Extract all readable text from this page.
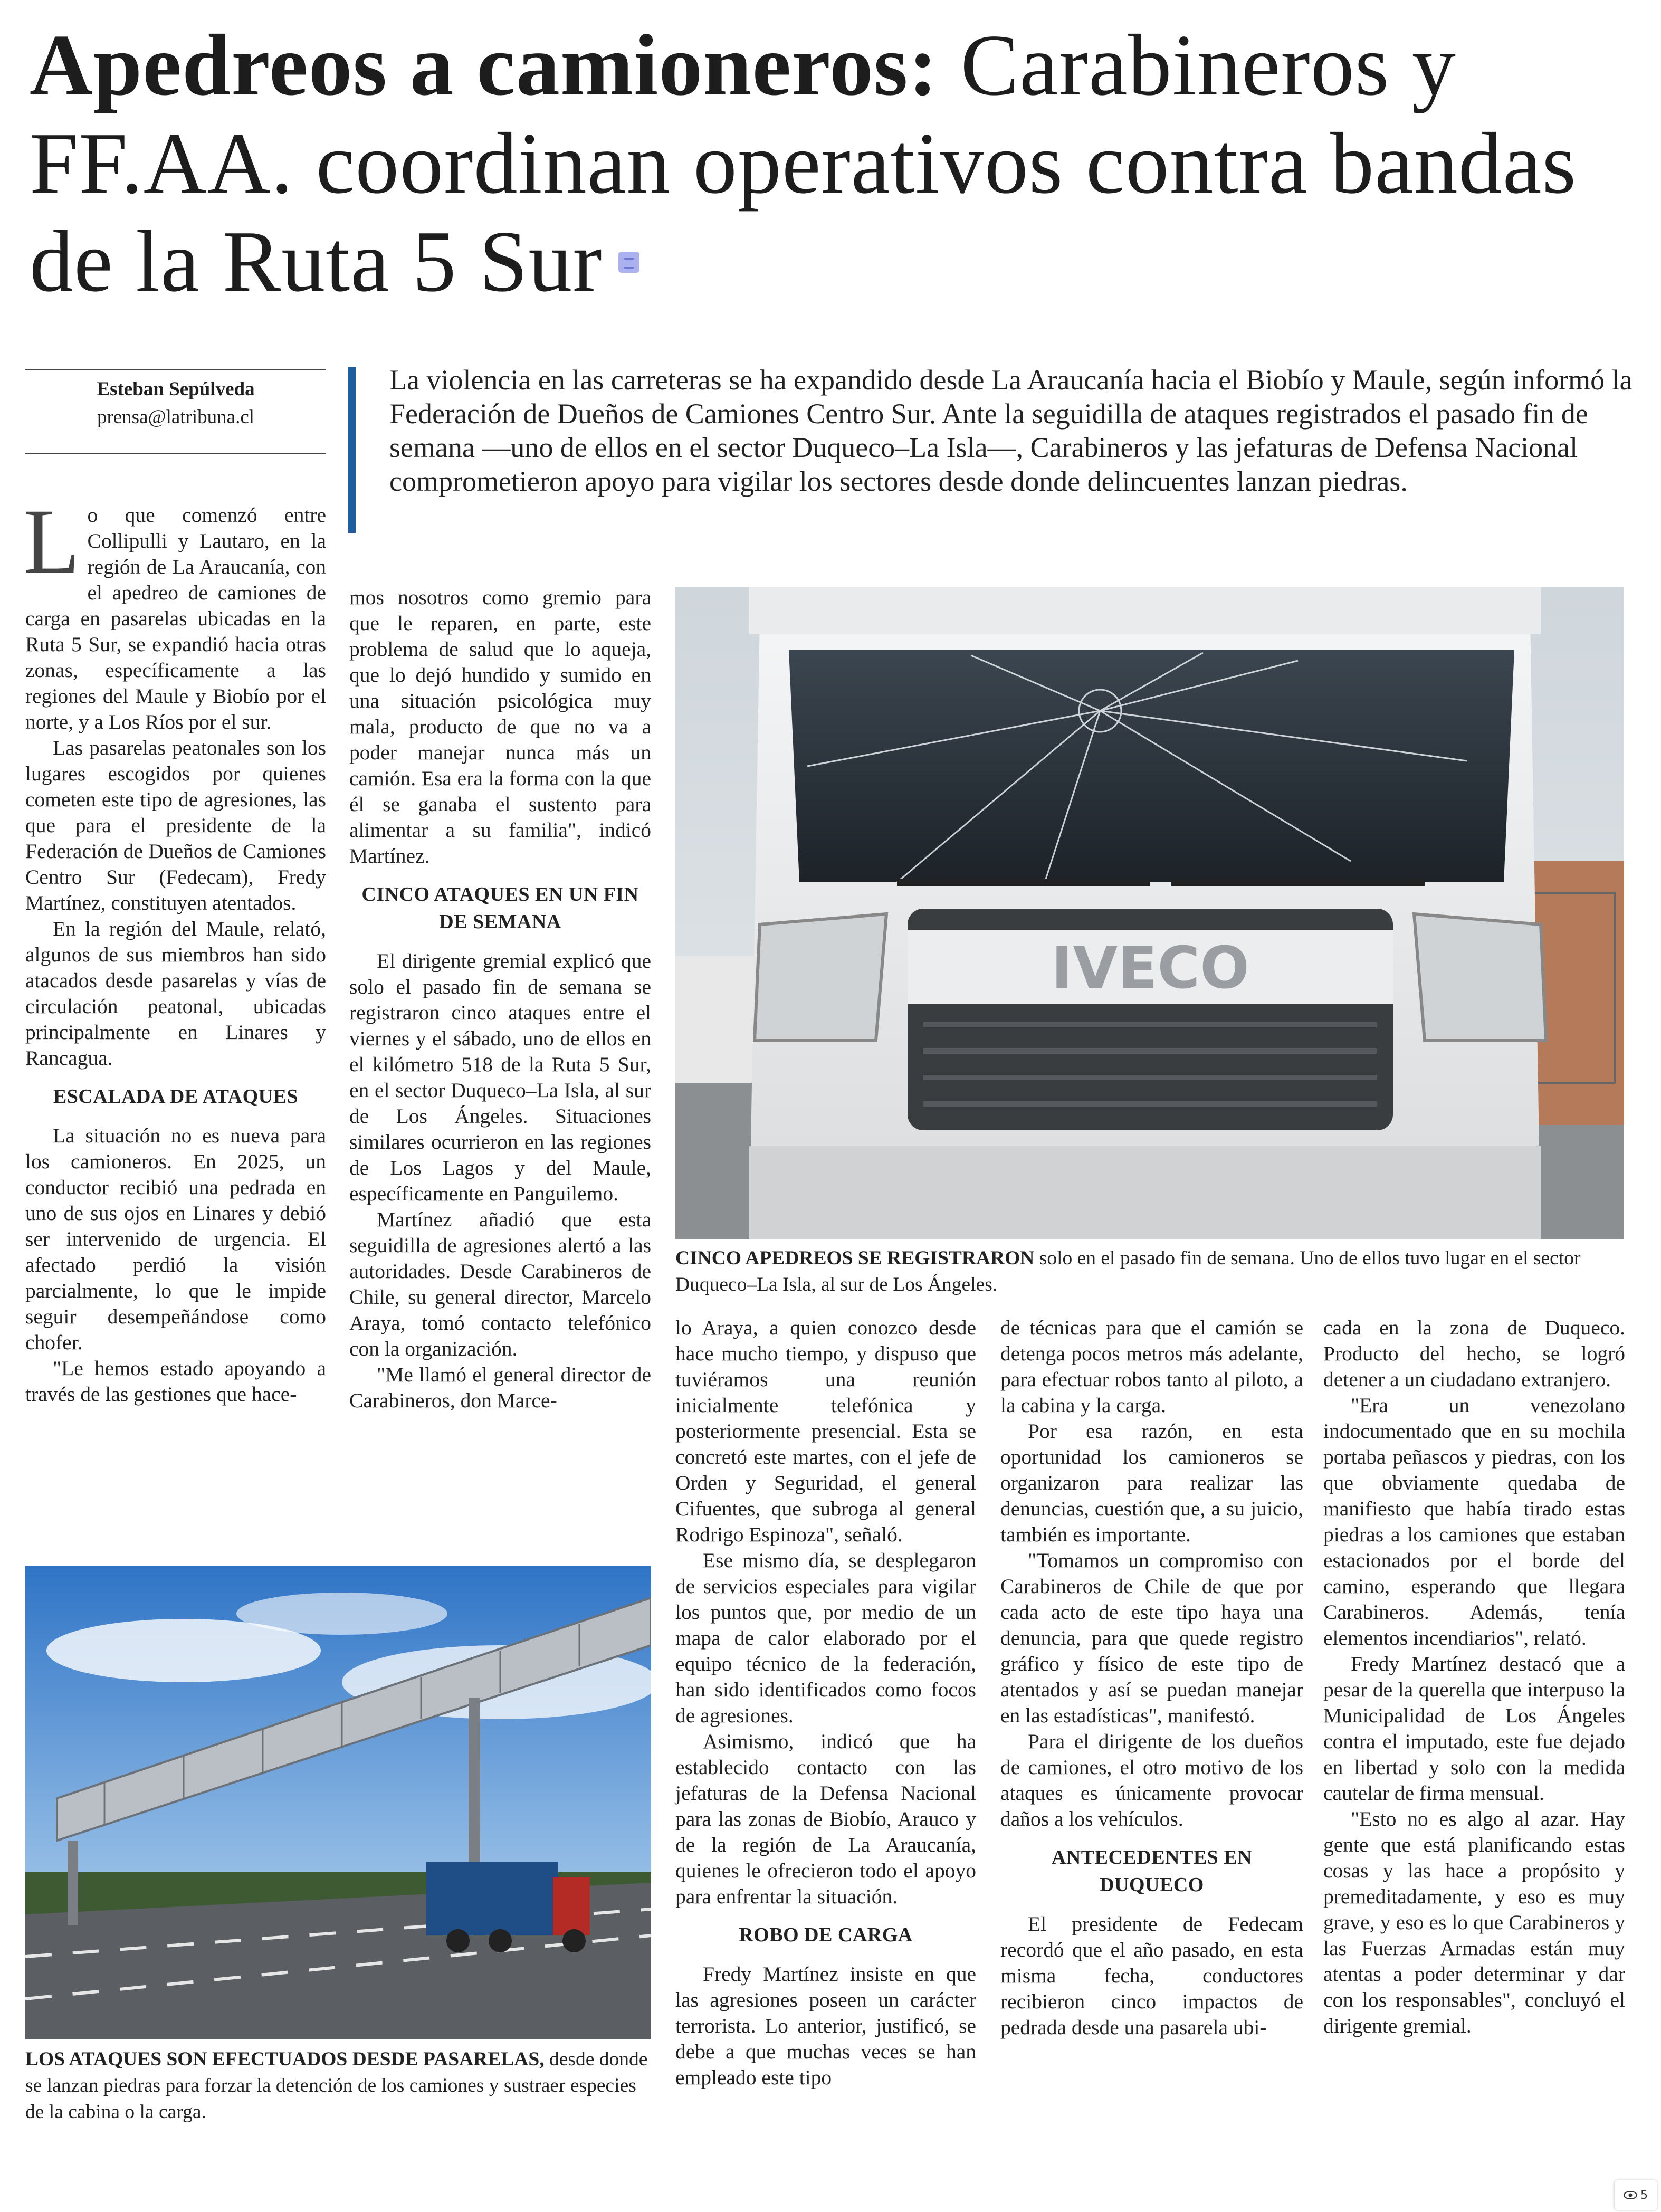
Apedreos a camioneros: Carabineros y FF.AA. coordinan operativos contra bandas de la Ruta 5 Sur
Esteban Sepúlveda
prensa@latribuna.cl
La violencia en las carreteras se ha expandido desde La Araucanía hacia el Biobío y Maule, según informó la Federación de Dueños de Camiones Centro Sur. Ante la seguidilla de ataques registrados el pasado fin de semana —uno de ellos en el sector Duqueco–La Isla—, Carabineros y las jefaturas de Defensa Nacional comprometieron apoyo para vigilar los sectores desde donde delincuentes lanzan piedras.

Lo que comenzó entre Collipulli y Lautaro, en la región de La Araucanía, con el apedreo de camiones de carga en pasarelas ubicadas en la Ruta 5 Sur, se expandió hacia otras zonas, específicamente a las regiones del Maule y Biobío por el norte, y a Los Ríos por el sur.

Las pasarelas peatonales son los lugares escogidos por quienes cometen este tipo de agresiones, las que para el presidente de la Federación de Dueños de Camiones Centro Sur (Fedecam), Fredy Martínez, constituyen atentados.

En la región del Maule, relató, algunos de sus miembros han sido atacados desde pasarelas y vías de circulación peatonal, ubicadas principalmente en Linares y Rancagua.

ESCALADA DE ATAQUES

La situación no es nueva para los camioneros. En 2025, un conductor recibió una pedrada en uno de sus ojos en Linares y debió ser intervenido de urgencia. El afectado perdió la visión parcialmente, lo que le impide seguir desempeñándose como chofer.

"Le hemos estado apoyando a través de las gestiones que hace-

mos nosotros como gremio para que le reparen, en parte, este problema de salud que lo aqueja, que lo dejó hundido y sumido en una situación psicológica muy mala, producto de que no va a poder manejar nunca más un camión. Esa era la forma con la que él se ganaba el sustento para alimentar a su familia", indicó Martínez.

CINCO ATAQUES EN UN FIN DE SEMANA

El dirigente gremial explicó que solo el pasado fin de semana se registraron cinco ataques entre el viernes y el sábado, uno de ellos en el kilómetro 518 de la Ruta 5 Sur, en el sector Duqueco–La Isla, al sur de Los Ángeles. Situaciones similares ocurrieron en las regiones de Los Lagos y del Maule, específicamente en Panguilemo.

Martínez añadió que esta seguidilla de agresiones alertó a las autoridades. Desde Carabineros de Chile, su general director, Marcelo Araya, tomó contacto telefónico con la organización.

"Me llamó el general director de Carabineros, don Marce-

IVECO
CINCO APEDREOS SE REGISTRARON solo en el pasado fin de semana. Uno de ellos tuvo lugar en el sector Duqueco–La Isla, al sur de Los Ángeles.

lo Araya, a quien conozco desde hace mucho tiempo, y dispuso que tuviéramos una reunión inicialmente telefónica y posteriormente presencial. Esta se concretó este martes, con el jefe de Orden y Seguridad, el general Cifuentes, que subroga al general Rodrigo Espinoza", señaló.

Ese mismo día, se desplegaron de servicios especiales para vigilar los puntos que, por medio de un mapa de calor elaborado por el equipo técnico de la federación, han sido identificados como focos de agresiones.

Asimismo, indicó que ha establecido contacto con las jefaturas de la Defensa Nacional para las zonas de Biobío, Arauco y de la región de La Araucanía, quienes le ofrecieron todo el apoyo para enfrentar la situación.

ROBO DE CARGA

Fredy Martínez insiste en que las agresiones poseen un carácter terrorista. Lo anterior, justificó, se debe a que muchas veces se han empleado este tipo

de técnicas para que el camión se detenga pocos metros más adelante, para efectuar robos tanto al piloto, a la cabina y la carga.

Por esa razón, en esta oportunidad los camioneros se organizaron para realizar las denuncias, cuestión que, a su juicio, también es importante.

"Tomamos un compromiso con Carabineros de Chile de que por cada acto de este tipo haya una denuncia, para que quede registro gráfico y físico de este tipo de atentados y así se puedan manejar en las estadísticas", manifestó.

Para el dirigente de los dueños de camiones, el otro motivo de los ataques es únicamente provocar daños a los vehículos.

ANTECEDENTES EN DUQUECO

El presidente de Fedecam recordó que el año pasado, en esta misma fecha, conductores recibieron cinco impactos de pedrada desde una pasarela ubi-

cada en la zona de Duqueco. Producto del hecho, se logró detener a un ciudadano extranjero.

"Era un venezolano indocumentado que en su mochila portaba peñascos y piedras, con los que obviamente quedaba de manifiesto que había tirado estas piedras a los camiones que estaban estacionados por el borde del camino, esperando que llegara Carabineros. Además, tenía elementos incendiarios", relató.

Fredy Martínez destacó que a pesar de la querella que interpuso la Municipalidad de Los Ángeles contra el imputado, este fue dejado en libertad y solo con la medida cautelar de firma mensual.

"Esto no es algo al azar. Hay gente que está planificando estas cosas y las hace a propósito y premeditadamente, y eso es muy grave, y eso es lo que Carabineros y las Fuerzas Armadas están muy atentas a poder determinar y dar con los responsables", concluyó el dirigente gremial.

LOS ATAQUES SON EFECTUADOS DESDE PASARELAS, desde donde se lanzan piedras para forzar la detención de los camiones y sustraer especies de la cabina o la carga.
5
